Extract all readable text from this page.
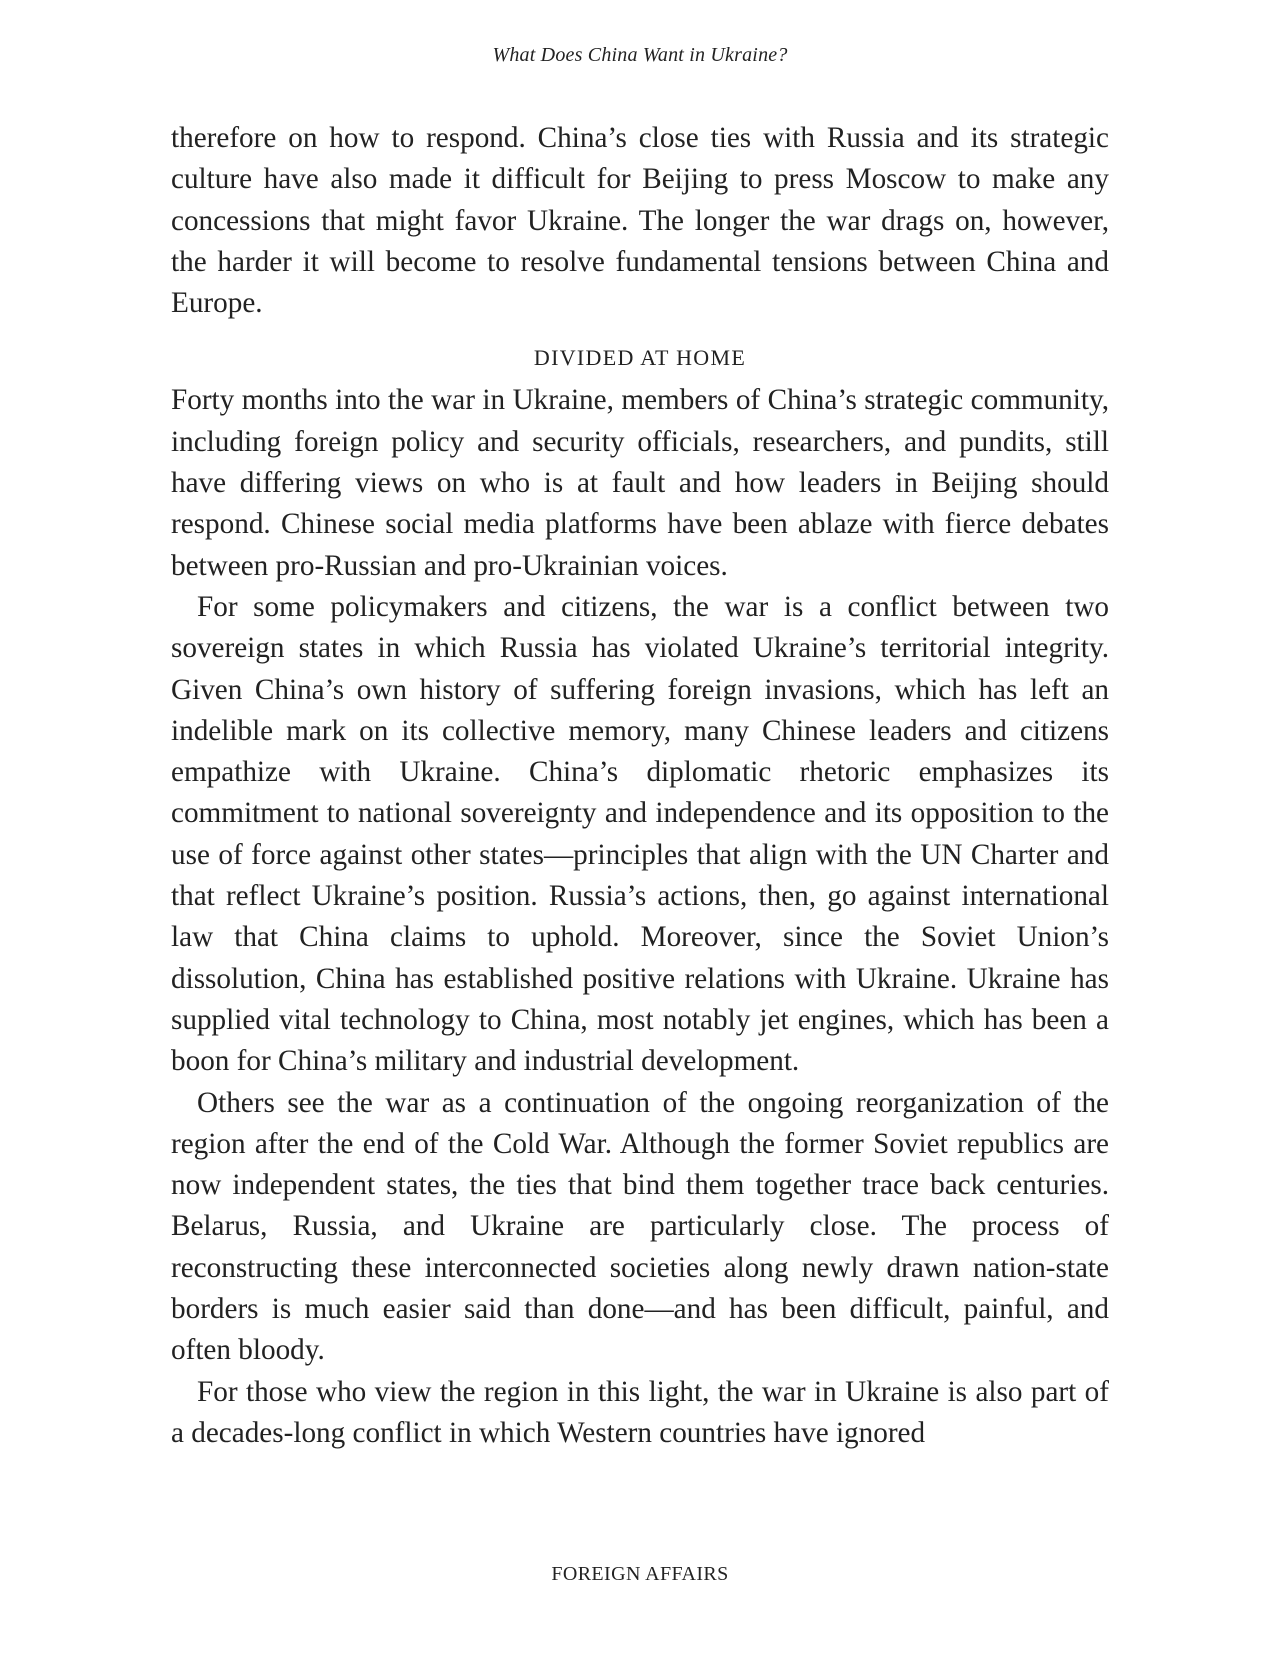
What Does China Want in Ukraine?

therefore on how to respond. China’s close ties with Russia and its strategic culture have also made it difficult for Beijing to press Moscow to make any concessions that might favor Ukraine. The longer the war drags on, however, the harder it will become to resolve fundamental tensions between China and Europe.

DIVIDED AT HOME

Forty months into the war in Ukraine, members of China’s strategic community, including foreign policy and security officials, researchers, and pundits, still have differing views on who is at fault and how leaders in Beijing should respond. Chinese social media platforms have been ablaze with fierce debates between pro-Russian and pro-Ukrainian voices.

For some policymakers and citizens, the war is a conflict between two sovereign states in which Russia has violated Ukraine’s territorial integrity. Given China’s own history of suffering foreign invasions, which has left an indelible mark on its collective memory, many Chinese leaders and citizens empathize with Ukraine. China’s diplomatic rhetoric emphasizes its commitment to national sovereignty and independence and its opposition to the use of force against other states—principles that align with the UN Charter and that reflect Ukraine’s position. Russia’s actions, then, go against international law that China claims to uphold. Moreover, since the Soviet Union’s dissolution, China has established positive relations with Ukraine. Ukraine has supplied vital technology to China, most notably jet engines, which has been a boon for China’s military and industrial development.

Others see the war as a continuation of the ongoing reorganization of the region after the end of the Cold War. Although the former Soviet republics are now independent states, the ties that bind them together trace back centuries. Belarus, Russia, and Ukraine are particularly close. The process of reconstructing these interconnected societies along newly drawn nation-state borders is much easier said than done—and has been difficult, painful, and often bloody.

For those who view the region in this light, the war in Ukraine is also part of a decades-long conflict in which Western countries have ignored

FOREIGN AFFAIRS
